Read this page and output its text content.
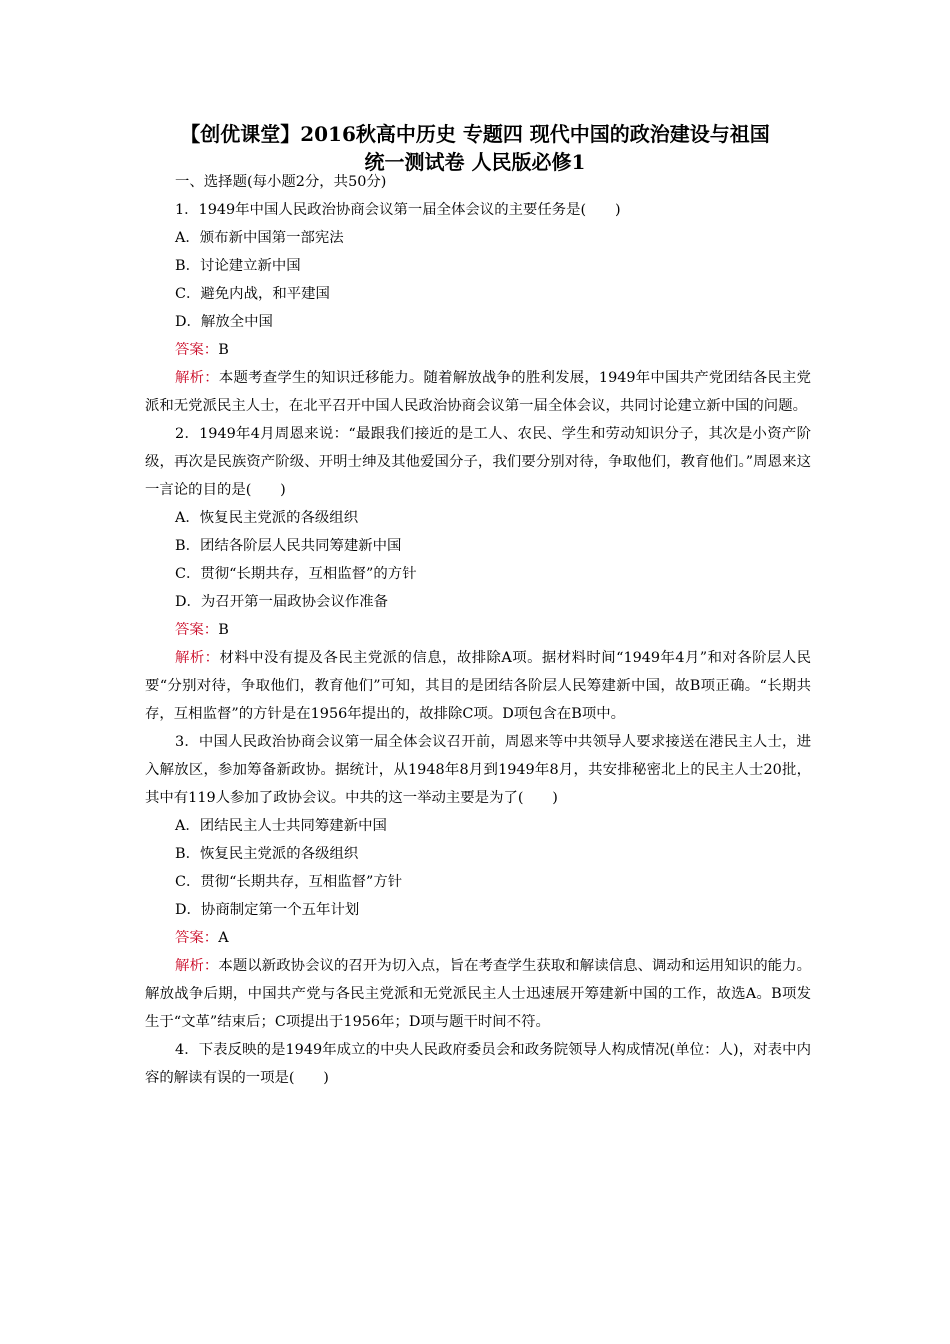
【创优课堂】2016秋高中历史 专题四 现代中国的政治建设与祖国
统一测试卷 人民版必修1

一、选择题(每小题2分，共50分)

1．1949年中国人民政治协商会议第一届全体会议的主要任务是(　　)

A．颁布新中国第一部宪法

B．讨论建立新中国

C．避免内战，和平建国

D．解放全中国

答案：B

解析：本题考查学生的知识迁移能力。随着解放战争的胜利发展，1949年中国共产党团结各民主党派和无党派民主人士，在北平召开中国人民政治协商会议第一届全体会议，共同讨论建立新中国的问题。

2．1949年4月周恩来说：“最跟我们接近的是工人、农民、学生和劳动知识分子，其次是小资产阶级，再次是民族资产阶级、开明士绅及其他爱国分子，我们要分别对待，争取他们，教育他们。”周恩来这一言论的目的是(　　)

A．恢复民主党派的各级组织

B．团结各阶层人民共同筹建新中国

C．贯彻“长期共存，互相监督”的方针

D．为召开第一届政协会议作准备

答案：B

解析：材料中没有提及各民主党派的信息，故排除A项。据材料时间“1949年4月”和对各阶层人民要“分别对待，争取他们，教育他们”可知，其目的是团结各阶层人民筹建新中国，故B项正确。“长期共存，互相监督”的方针是在1956年提出的，故排除C项。D项包含在B项中。

3．中国人民政治协商会议第一届全体会议召开前，周恩来等中共领导人要求接送在港民主人士，进入解放区，参加筹备新政协。据统计，从1948年8月到1949年8月，共安排秘密北上的民主人士20批，其中有119人参加了政协会议。中共的这一举动主要是为了(　　)

A．团结民主人士共同筹建新中国

B．恢复民主党派的各级组织

C．贯彻“长期共存，互相监督”方针

D．协商制定第一个五年计划

答案：A

解析：本题以新政协会议的召开为切入点，旨在考查学生获取和解读信息、调动和运用知识的能力。解放战争后期，中国共产党与各民主党派和无党派民主人士迅速展开筹建新中国的工作，故选A。B项发生于“文革”结束后；C项提出于1956年；D项与题干时间不符。

4．下表反映的是1949年成立的中央人民政府委员会和政务院领导人构成情况(单位：人)，对表中内容的解读有误的一项是(　　)
